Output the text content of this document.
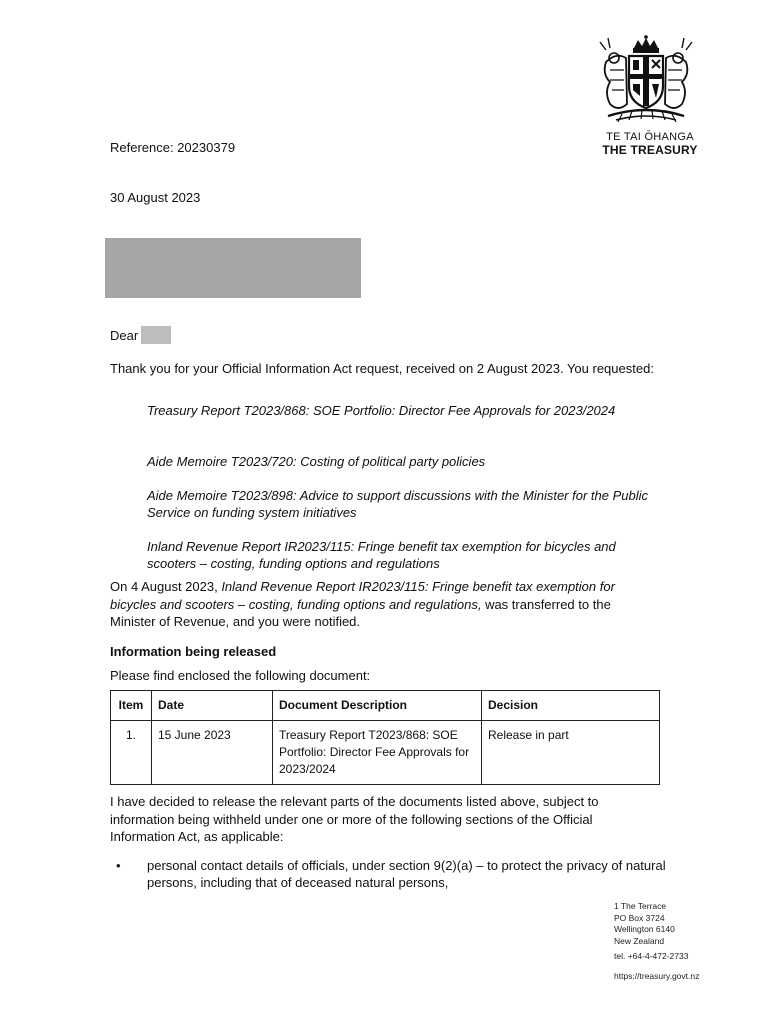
TE TAI ŌHANGA
THE TREASURY
Reference: 20230379
30 August 2023
Dear
Thank you for your Official Information Act request, received on 2 August 2023. You requested:
Treasury Report T2023/868: SOE Portfolio: Director Fee Approvals for 2023/2024
Aide Memoire T2023/720: Costing of political party policies
Aide Memoire T2023/898: Advice to support discussions with the Minister for the Public Service on funding system initiatives
Inland Revenue Report IR2023/115: Fringe benefit tax exemption for bicycles and scooters – costing, funding options and regulations
On 4 August 2023, Inland Revenue Report IR2023/115: Fringe benefit tax exemption for bicycles and scooters – costing, funding options and regulations, was transferred to the Minister of Revenue, and you were notified.
Information being released
Please find enclosed the following document:
Item	Date	Document Description	Decision
1.	15 June 2023	Treasury Report T2023/868: SOE Portfolio: Director Fee Approvals for 2023/2024	Release in part
I have decided to release the relevant parts of the documents listed above, subject to information being withheld under one or more of the following sections of the Official Information Act, as applicable:
• personal contact details of officials, under section 9(2)(a) – to protect the privacy of natural persons, including that of deceased natural persons,
1 The Terrace
PO Box 3724
Wellington 6140
New Zealand
tel. +64-4-472-2733
https://treasury.govt.nz
